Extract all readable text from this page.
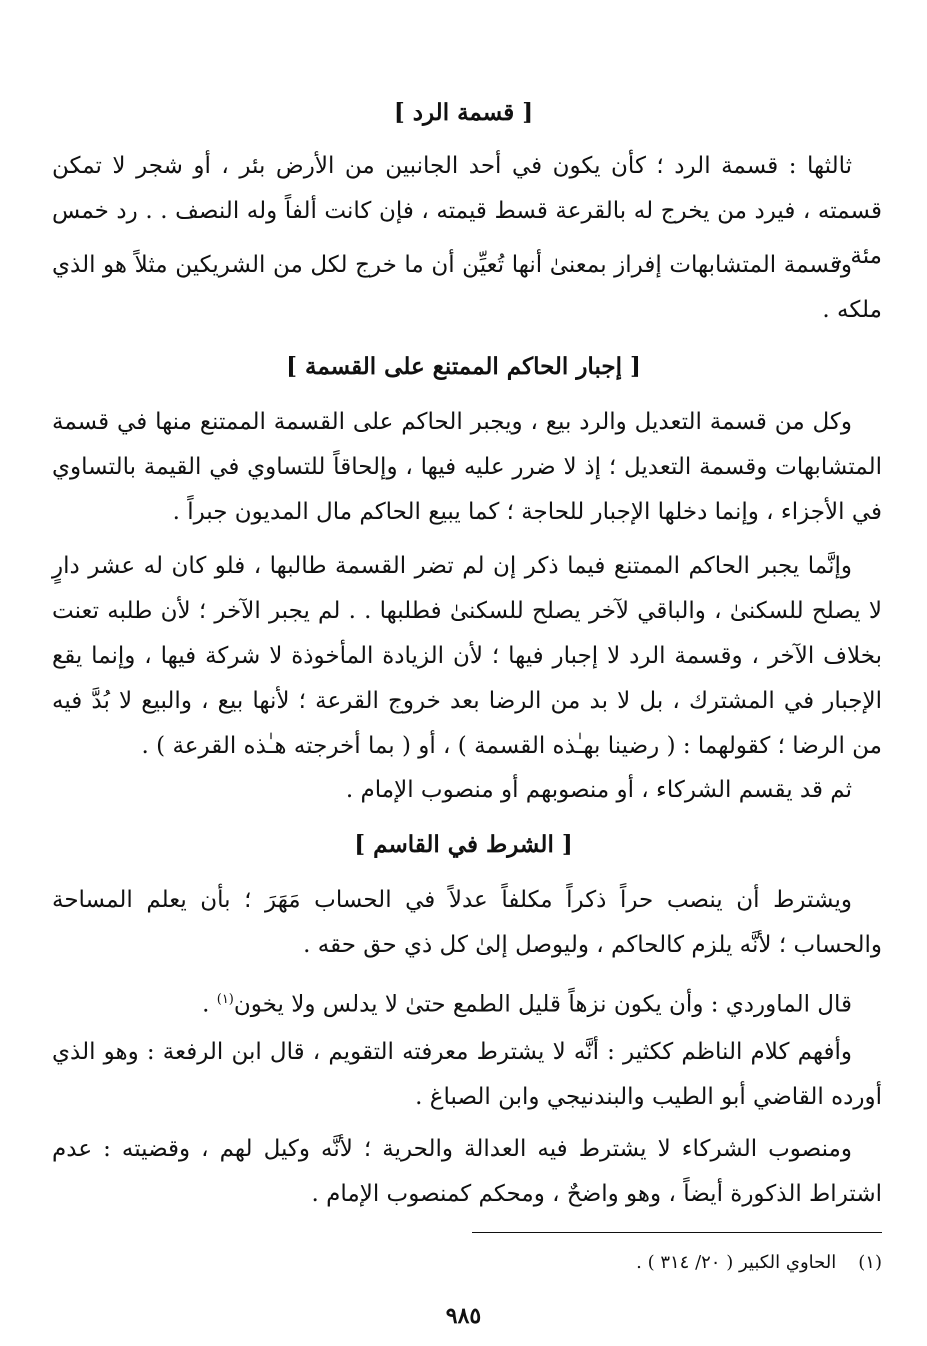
[ قسمة الرد ]
ثالثها : قسمة الرد ؛ كأن يكون في أحد الجانبين من الأرض بئر ، أو شجر لا تمكن قسمته ، فيرد من يخرج له بالقرعة قسط قيمته ، فإن كانت ألفاً وله النصف . . رد خمس مئة .
وقسمة المتشابهات إفراز بمعنىٰ أنها تُعيِّن أن ما خرج لكل من الشريكين مثلاً هو الذي ملكه .
[ إجبار الحاكم الممتنع على القسمة ]
وكل من قسمة التعديل والرد بيع ، ويجبر الحاكم على القسمة الممتنع منها في قسمة المتشابهات وقسمة التعديل ؛ إذ لا ضرر عليه فيها ، وإلحاقاً للتساوي في القيمة بالتساوي في الأجزاء ، وإنما دخلها الإجبار للحاجة ؛ كما يبيع الحاكم مال المديون جبراً .
وإنَّما يجبر الحاكم الممتنع فيما ذكر إن لم تضر القسمة طالبها ، فلو كان له عشر دارٍ لا يصلح للسكنىٰ ، والباقي لآخر يصلح للسكنىٰ فطلبها . . لم يجبر الآخر ؛ لأن طلبه تعنت بخلاف الآخر ، وقسمة الرد لا إجبار فيها ؛ لأن الزيادة المأخوذة لا شركة فيها ، وإنما يقع الإجبار في المشترك ، بل لا بد من الرضا بعد خروج القرعة ؛ لأنها بيع ، والبيع لا بُدَّ فيه من الرضا ؛ كقولهما : ( رضينا بهـٰذه القسمة ) ، أو ( بما أخرجته هـٰذه القرعة ) .
ثم قد يقسم الشركاء ، أو منصوبهم أو منصوب الإمام .
[ الشرط في القاسم ]
ويشترط أن ينصب حراً ذكراً مكلفاً عدلاً في الحساب مَهَرَ ؛ بأن يعلم المساحة والحساب ؛ لأنَّه يلزم كالحاكم ، وليوصل إلىٰ كل ذي حق حقه .
قال الماوردي : وأن يكون نزهاً قليل الطمع حتىٰ لا يدلس ولا يخون$^{(١)}$ .
وأفهم كلام الناظم ككثير : أنَّه لا يشترط معرفته التقويم ، قال ابن الرفعة : وهو الذي أورده القاضي أبو الطيب والبندنيجي وابن الصباغ .
ومنصوب الشركاء لا يشترط فيه العدالة والحرية ؛ لأنَّه وكيل لهم ، وقضيته : عدم اشتراط الذكورة أيضاً ، وهو واضحٌ ، ومحكم كمنصوب الإمام .
(١)الحاوي الكبير ( ٢٠/ ٣١٤ ) .
٩٨٥
